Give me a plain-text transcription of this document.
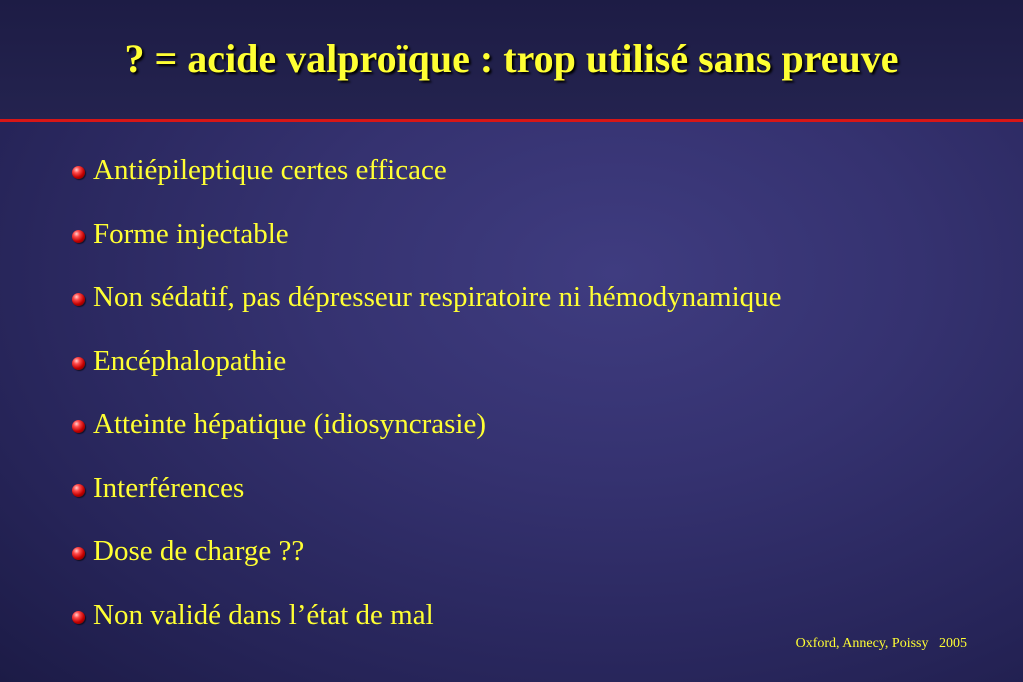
? = acide valproïque : trop utilisé sans preuve
Antiépileptique certes efficace
Forme injectable
Non sédatif, pas dépresseur respiratoire ni hémodynamique
Encéphalopathie
Atteinte hépatique (idiosyncrasie)
Interférences
Dose de charge ??
Non validé dans l’état de mal
Oxford, Annecy, Poissy   2005
